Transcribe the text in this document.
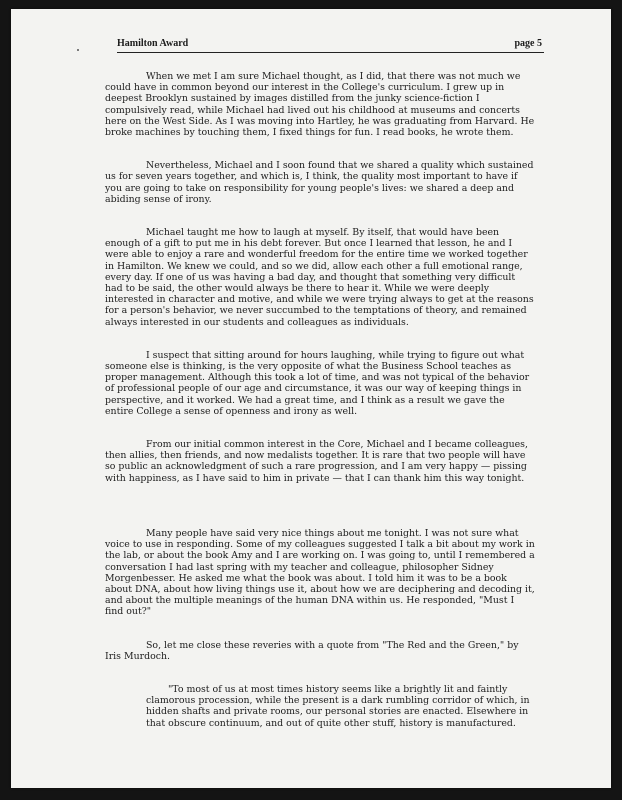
Hamilton Award	page 5

When we met I am sure Michael thought, as I did, that there was not much we could have in common beyond our interest in the College's curriculum. I grew up in deepest Brooklyn sustained by images distilled from the junky science-fiction I compulsively read, while Michael had lived out his childhood at museums and concerts here on the West Side. As I was moving into Hartley, he was graduating from Harvard. He broke machines by touching them, I fixed things for fun. I read books, he wrote them.

Nevertheless, Michael and I soon found that we shared a quality which sustained us for seven years together, and which is, I think, the quality most important to have if you are going to take on responsibility for young people's lives: we shared a deep and abiding sense of irony.

Michael taught me how to laugh at myself. By itself, that would have been enough of a gift to put me in his debt forever. But once I learned that lesson, he and I were able to enjoy a rare and wonderful freedom for the entire time we worked together in Hamilton. We knew we could, and so we did, allow each other a full emotional range, every day. If one of us was having a bad day, and thought that something very difficult had to be said, the other would always be there to hear it. While we were deeply interested in character and motive, and while we were trying always to get at the reasons for a person's behavior, we never succumbed to the temptations of theory, and remained always interested in our students and colleagues as individuals.

I suspect that sitting around for hours laughing, while trying to figure out what someone else is thinking, is the very opposite of what the Business School teaches as proper management. Although this took a lot of time, and was not typical of the behavior of professional people of our age and circumstance, it was our way of keeping things in perspective, and it worked. We had a great time, and I think as a result we gave the entire College a sense of openness and irony as well.

From our initial common interest in the Core, Michael and I became colleagues, then allies, then friends, and now medalists together. It is rare that two people will have so public an acknowledgment of such a rare progression, and I am very happy — pissing with happiness, as I have said to him in private — that I can thank him this way tonight.

Many people have said very nice things about me tonight. I was not sure what voice to use in responding. Some of my colleagues suggested I talk a bit about my work in the lab, or about the book Amy and I are working on. I was going to, until I remembered a conversation I had last spring with my teacher and colleague, philosopher Sidney Morgenbesser. He asked me what the book was about. I told him it was to be a book about DNA, about how living things use it, about how we are deciphering and decoding it, and about the multiple meanings of the human DNA within us. He responded, "Must I find out?"

So, let me close these reveries with a quote from "The Red and the Green," by Iris Murdoch.

"To most of us at most times history seems like a brightly lit and faintly clamorous procession, while the present is a dark rumbling corridor of which, in hidden shafts and private rooms, our personal stories are enacted. Elsewhere in that obscure continuum, and out of quite other stuff, history is manufactured.
